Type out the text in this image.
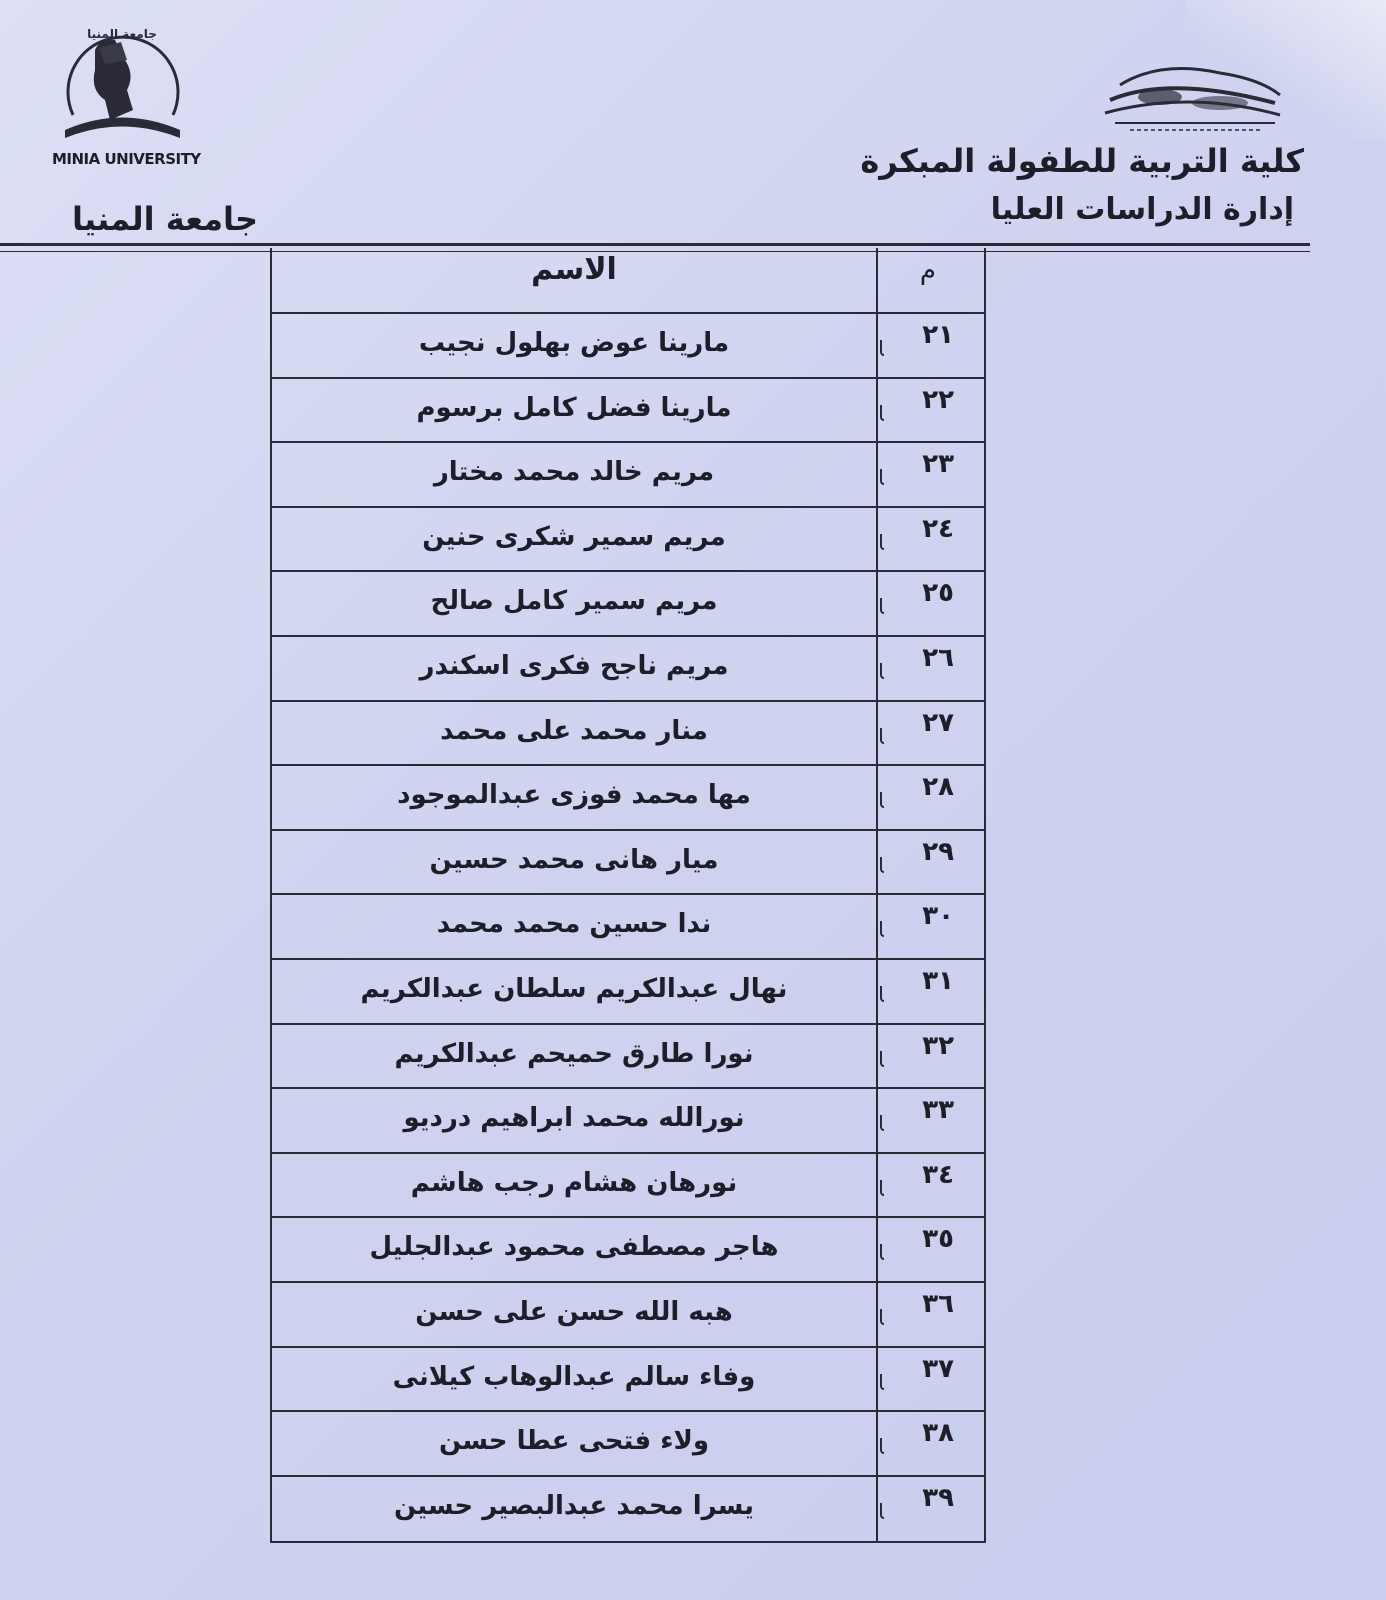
كلية التربية للطفولة المبكرة
إدارة الدراسات العليا
جامعة المنيا
MINIA UNIVERSITY
جامعة المنيا
م
الاسم
٢١
مارينا عوض بهلول نجيب
٢٢
مارينا فضل كامل برسوم
٢٣
مريم خالد محمد مختار
٢٤
مريم سمير شكرى حنين
٢٥
مريم سمير كامل صالح
٢٦
مريم ناجح فكرى اسكندر
٢٧
منار محمد على محمد
٢٨
مها محمد فوزى عبدالموجود
٢٩
ميار هانى محمد حسين
٣٠
ندا حسين محمد محمد
٣١
نهال عبدالكريم سلطان عبدالكريم
٣٢
نورا طارق حميحم عبدالكريم
٣٣
نورالله محمد ابراهيم درديو
٣٤
نورهان هشام رجب هاشم
٣٥
هاجر مصطفى محمود عبدالجليل
٣٦
هبه الله حسن على حسن
٣٧
وفاء سالم عبدالوهاب كيلانى
٣٨
ولاء فتحى عطا حسن
٣٩
يسرا محمد عبدالبصير حسين
